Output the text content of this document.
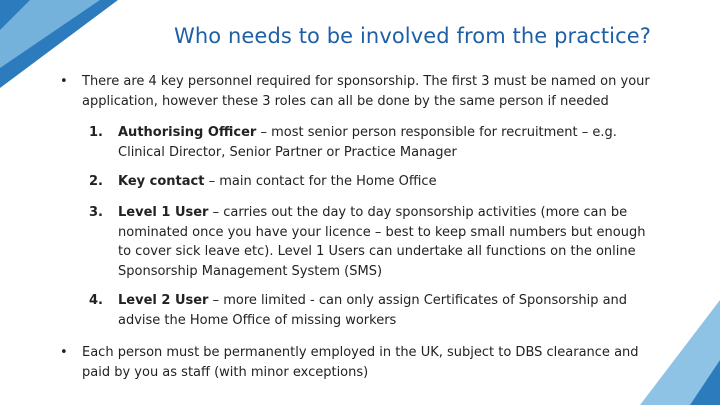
Who needs to be involved from the practice?
• There are 4 key personnel required for sponsorship. The first 3 must be named on your application, however these 3 roles can all be done by the same person if needed
1. Authorising Officer – most senior person responsible for recruitment – e.g. Clinical Director, Senior Partner or Practice Manager
2. Key contact – main contact for the Home Office
3. Level 1 User – carries out the day to day sponsorship activities (more can be nominated once you have your licence – best to keep small numbers but enough to cover sick leave etc). Level 1 Users can undertake all functions on the online Sponsorship Management System (SMS)
4. Level 2 User – more limited - can only assign Certificates of Sponsorship and advise the Home Office of missing workers
• Each person must be permanently employed in the UK, subject to DBS clearance and paid by you as staff (with minor exceptions)
